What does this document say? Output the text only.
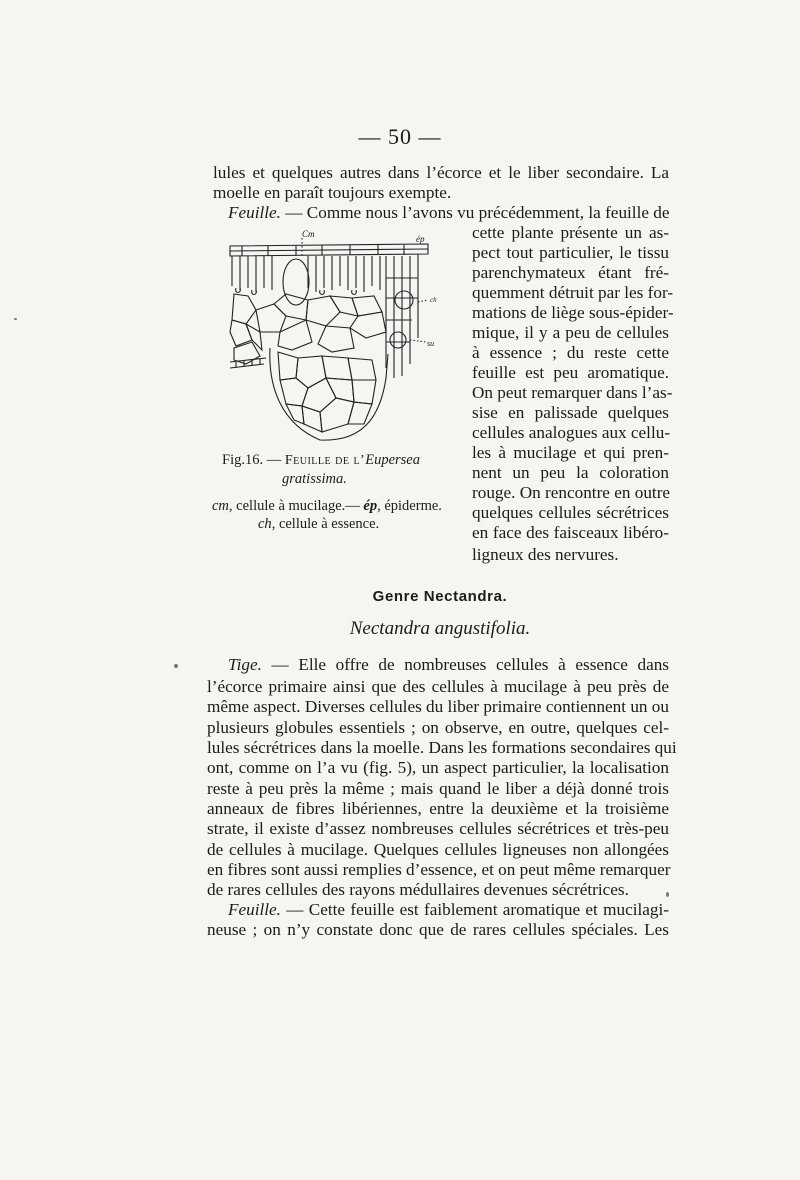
— 50 —
lules et quelques autres dans l’écorce et le liber secondaire. La
moelle en paraît toujours exempte.
Feuille. — Comme nous l’avons vu précédemment, la feuille de
cette plante présente un as-
pect tout particulier, le tissu
parenchymateux étant fré-
quemment détruit par les for-
mations de liège sous-épider-
mique, il y a peu de cellules
à essence ; du reste cette
feuille est peu aromatique.
On peut remarquer dans l’as-
sise en palissade quelques
cellules analogues aux cellu-
les à mucilage et qui pren-
nent un peu la coloration
rouge. On rencontre en outre
quelques cellules sécrétrices
en face des faisceaux libéro-
ligneux des nervures.
Cm	ép
ch
su
Fig.16. — Feuille de l’Eupersea
gratissima.
cm, cellule à mucilage.— ép, épiderme.
ch, cellule à essence.
Genre Nectandra.
Nectandra angustifolia.
Tige. — Elle offre de nombreuses cellules à essence dans
l’écorce primaire ainsi que des cellules à mucilage à peu près de
même aspect. Diverses cellules du liber primaire contiennent un ou
plusieurs globules essentiels ; on observe, en outre, quelques cel-
lules sécrétrices dans la moelle. Dans les formations secondaires qui
ont, comme on l’a vu (fig. 5), un aspect particulier, la localisation
reste à peu près la même ; mais quand le liber a déjà donné trois
anneaux de fibres libériennes, entre la deuxième et la troisième
strate, il existe d’assez nombreuses cellules sécrétrices et très-peu
de cellules à mucilage. Quelques cellules ligneuses non allongées
en fibres sont aussi remplies d’essence, et on peut même remarquer
de rares cellules des rayons médullaires devenues sécrétrices.
Feuille. — Cette feuille est faiblement aromatique et mucilagi-
neuse ; on n’y constate donc que de rares cellules spéciales. Les
